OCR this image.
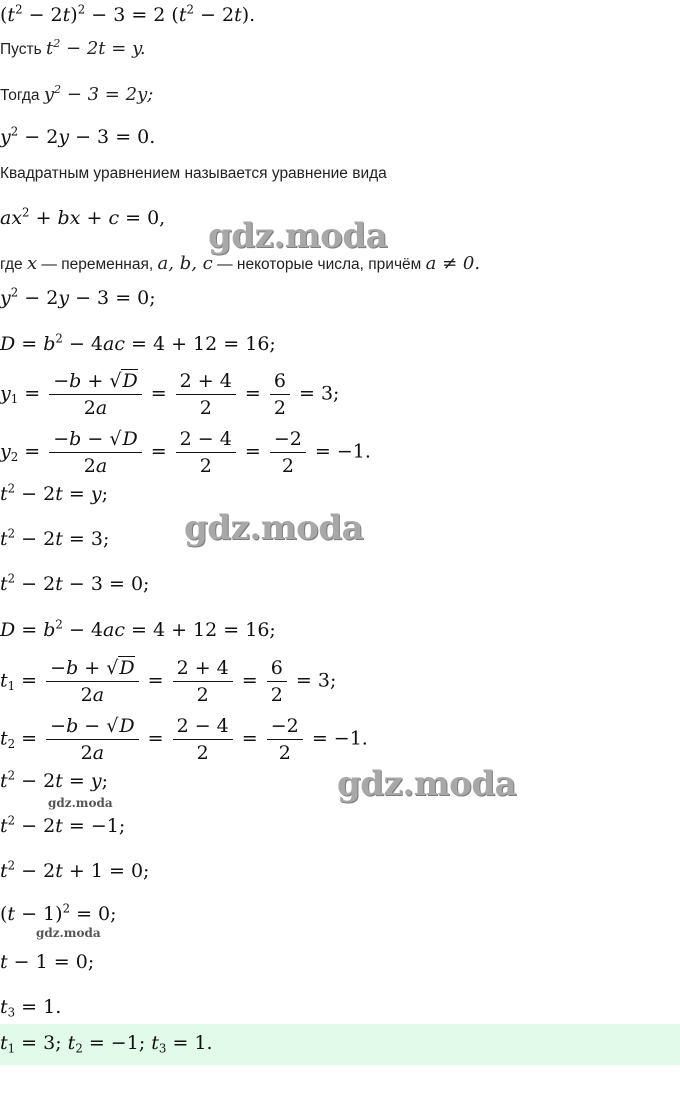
$(t^2 - 2t)^2 - 3 = 2$ $(t^2 - 2t)$.
Пусть $t^2 - 2t = y$.
Тогда $y^2 - 3 = 2y$;
$y^2 - 2y - 3 = 0$.
Квадратным уравнением называется уравнение вида
$ax^2$ + bx + c = 0,
где x — переменная, a, b, c — некоторые числа, причём a ≠ 0.
$y^2 - 2y - 3 = 0$;
$D = b^2 - 4ac = 4 + 12 = 16$;
$y_1 = \frac{-b + √D}{2a} = \frac{2 + 4}{2} = \frac{6}{2} = 3$;
$y_2 = \frac{-b - √D}{2a} = \frac{2 - 4}{2} = \frac{-2}{2} = -1$.
$t^2 - 2t = y$;
$t^2 - 2t = 3$;
$t^2 - 2t - 3 = 0$;
$D = b^2 - 4ac = 4 + 12 = 16$;
$t_1 = \frac{-b + √D}{2a} = \frac{2 + 4}{2} = \frac{6}{2} = 3$;
$t_2 = \frac{-b - √D}{2a} = \frac{2 - 4}{2} = \frac{-2}{2} = -1$.
$t^2 - 2t = y$;
$t^2 - 2t = -1$;
$t^2 - 2t + 1 = 0$;
$(t - 1)^2 = 0$;
t − 1 = 0;
$t_3 = 1$.
$t_1 = 3$; $t_2 = -1$; $t_3 = 1$.
gdz.moda
gdz.moda
gdz.moda
gdz.moda
gdz.moda
